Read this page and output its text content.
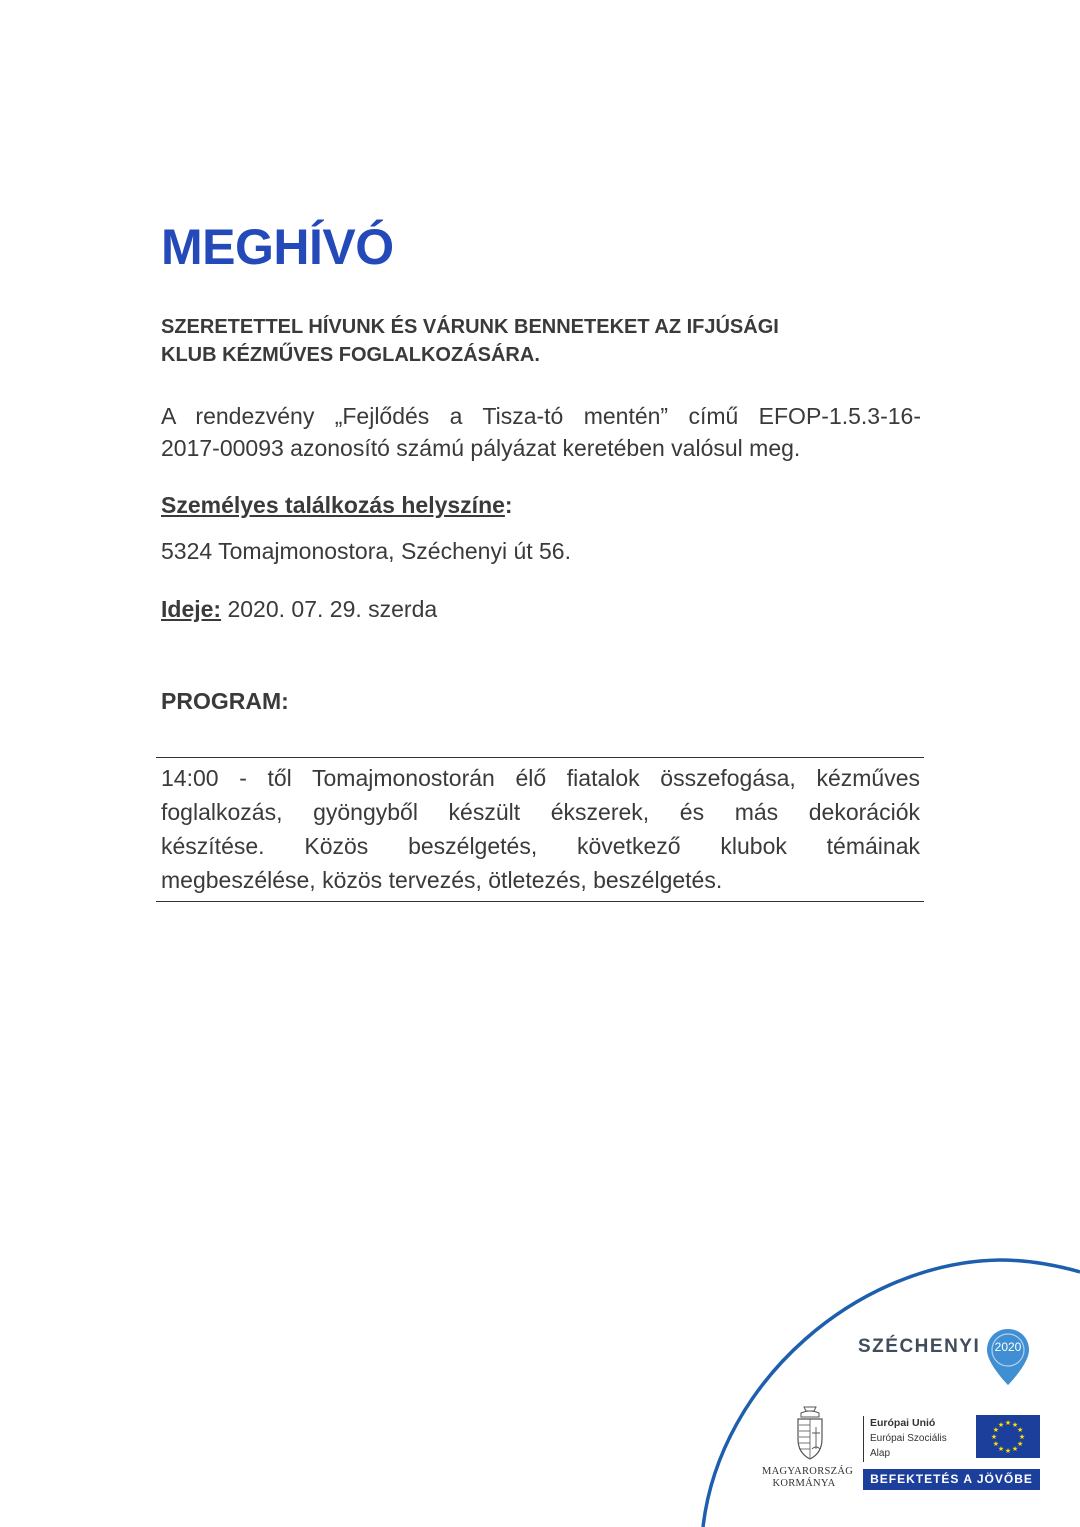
MEGHÍVÓ
SZERETETTEL HÍVUNK ÉS VÁRUNK BENNETEKET AZ IFJÚSÁGI
KLUB KÉZMŰVES FOGLALKOZÁSÁRA.
A rendezvény „Fejlődés a Tisza-tó mentén” című EFOP-1.5.3-16-
2017-00093 azonosító számú pályázat keretében valósul meg.
Személyes találkozás helyszíne:
5324 Tomajmonostora, Széchenyi út 56.
Ideje: 2020. 07. 29. szerda
PROGRAM:
14:00 - től Tomajmonostorán élő fiatalok összefogása, kézműves
foglalkozás, gyöngyből készült ékszerek, és más dekorációk
készítése. Közös beszélgetés, következő klubok témáinak
megbeszélése, közös tervezés, ötletezés, beszélgetés.
SZÉCHENYI	2020
MAGYARORSZÁG
KORMÁNYA
Európai Unió
Európai Szociális
Alap
★
★
★
★
★
★
★
★
★ ★ ★
★
BEFEKTETÉS A JÖVŐBE
